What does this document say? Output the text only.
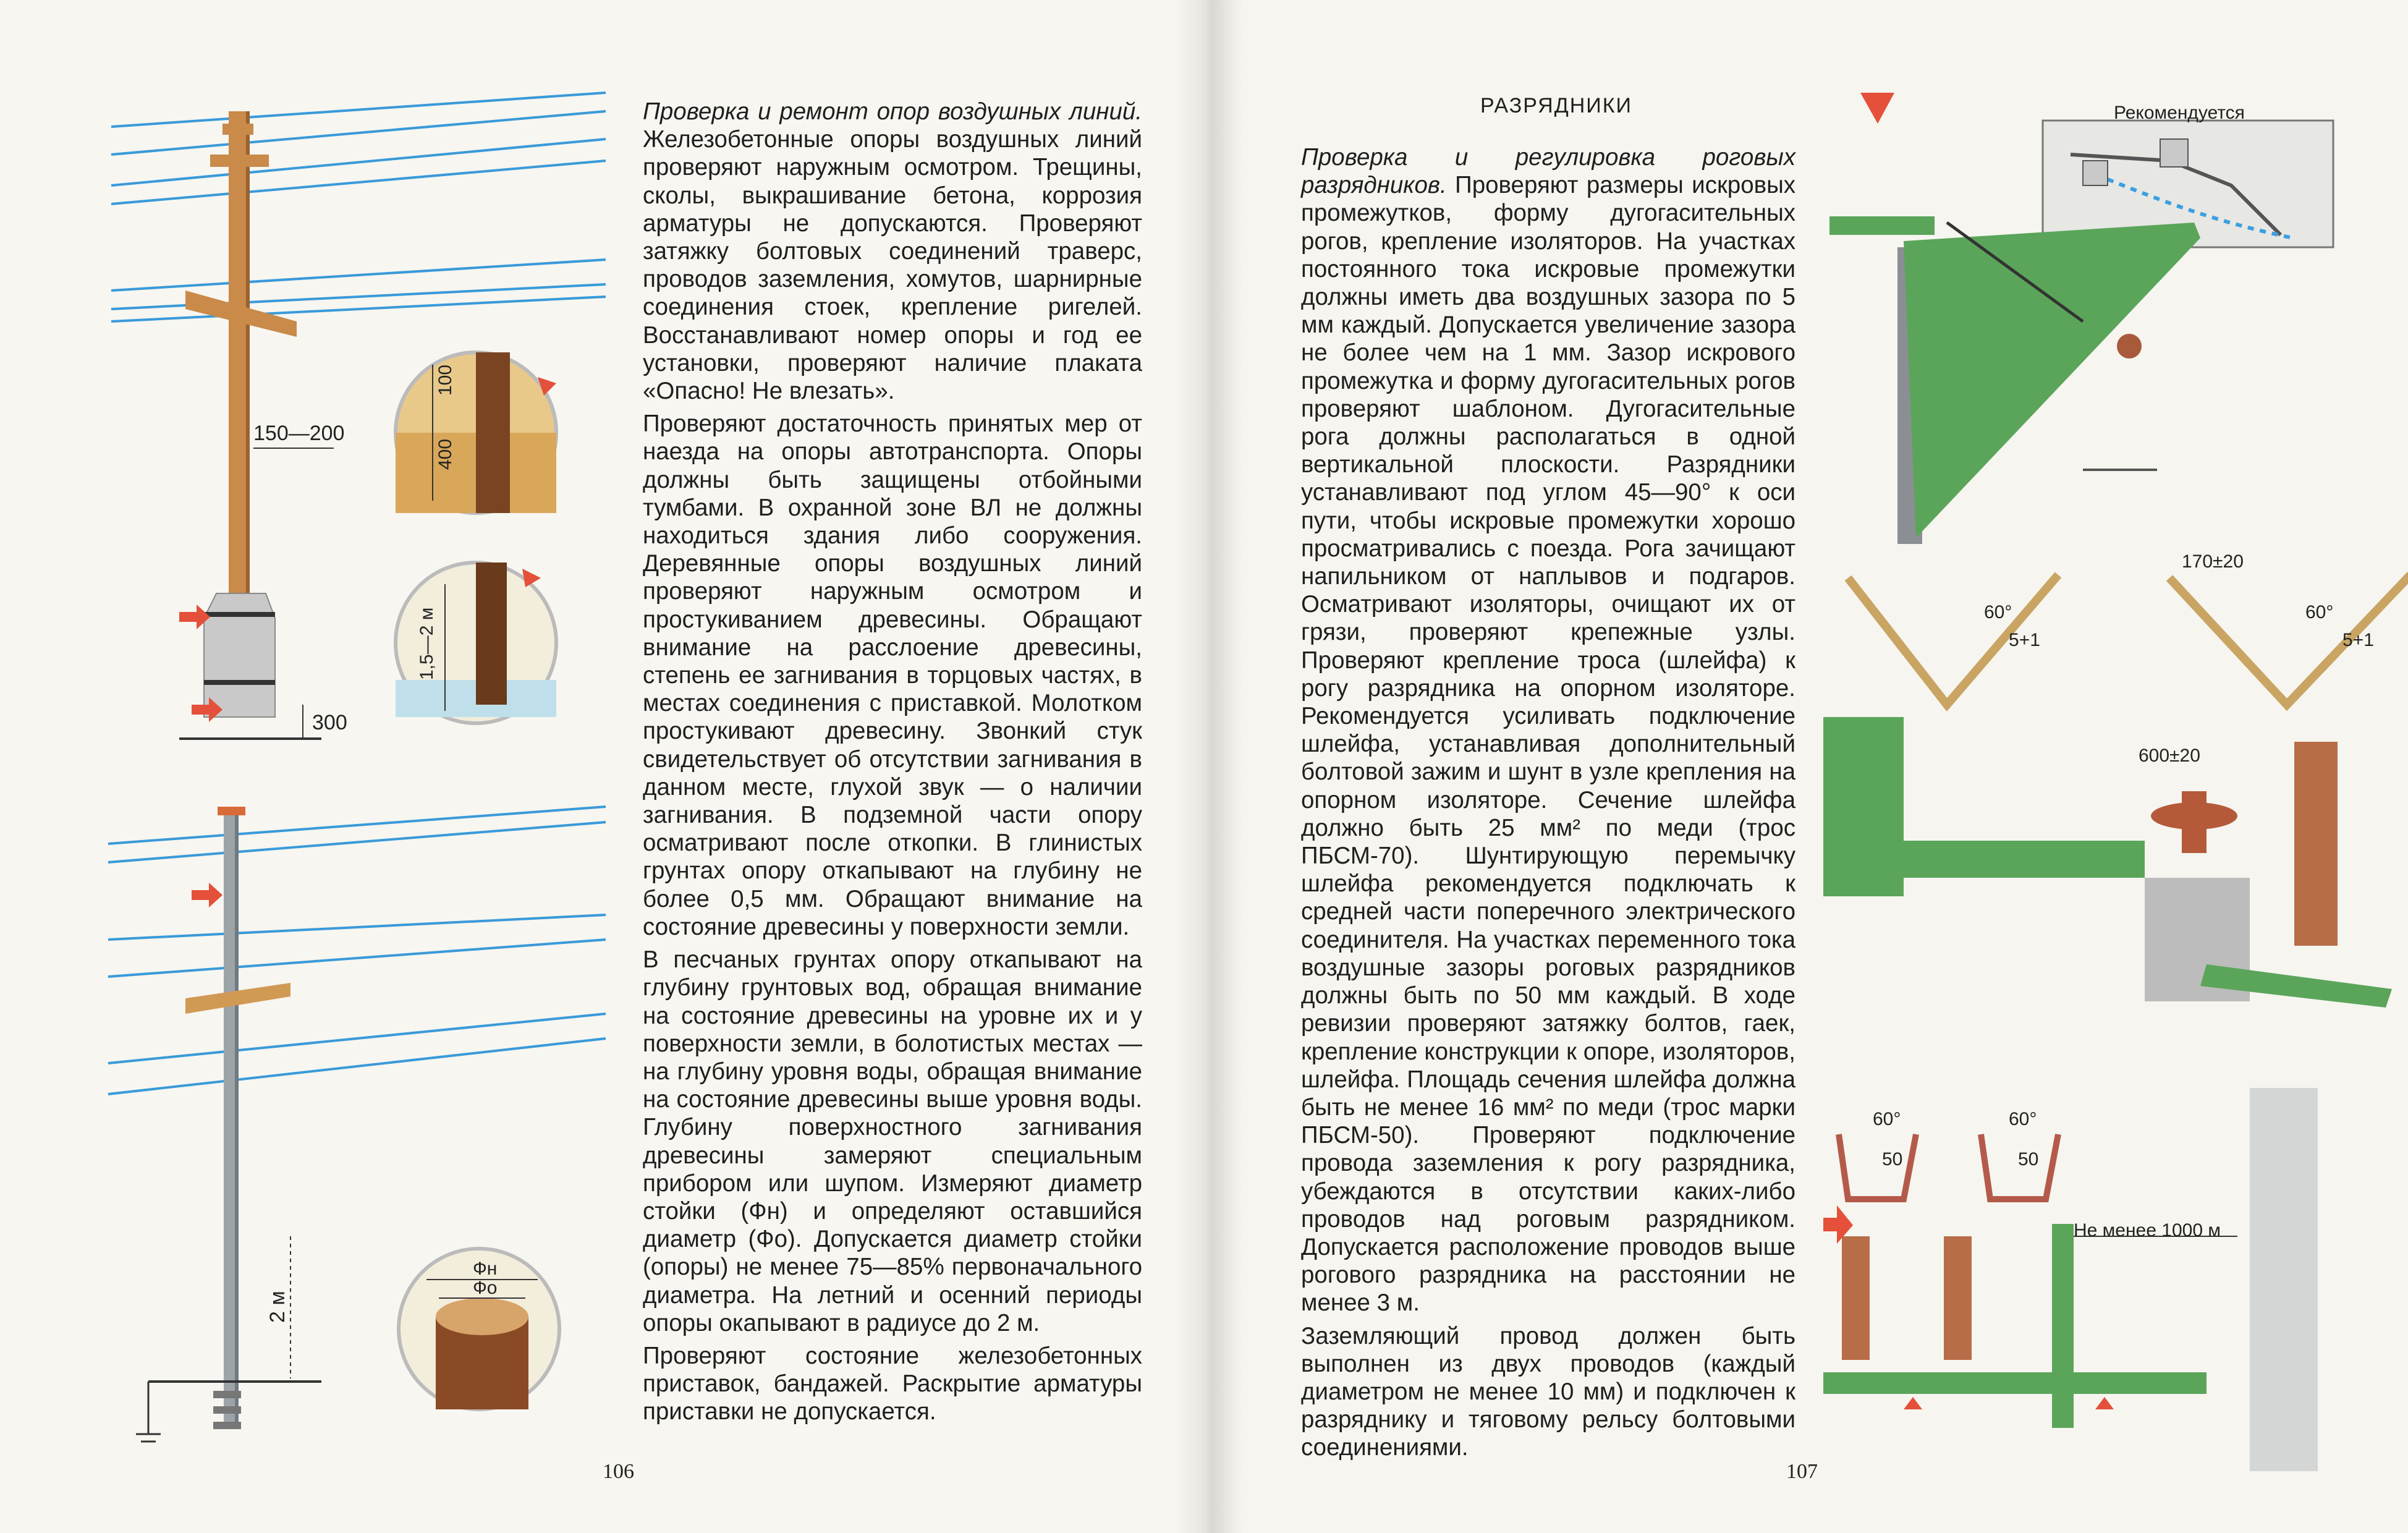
150—200
300
100
400
1,5—2 м
2 м
Фн
Фо

Проверка и ремонт опор воздушных линий. Железобетонные опоры воздушных линий проверяют наружным осмотром. Трещины, сколы, выкрашивание бетона, коррозия арматуры не допускаются. Проверяют затяжку болтовых соединений траверс, проводов заземления, хомутов, шарнирные соединения стоек, крепление ригелей. Восстанавливают номер опоры и год ее установки, проверяют наличие плаката «Опасно! Не влезать».

Проверяют достаточность принятых мер от наезда на опоры автотранспорта. Опоры должны быть защищены отбойными тумбами. В охранной зоне ВЛ не должны находиться здания либо сооружения. Деревянные опоры воздушных линий проверяют наружным осмотром и простукиванием древесины. Обращают внимание на расслоение древесины, степень ее загнивания в торцовых частях, в местах соединения с приставкой. Молотком простукивают древесину. Звонкий стук свидетельствует об отсутствии загнивания в данном месте, глухой звук — о наличии загнивания. В подземной части опору осматривают после откопки. В глинистых грунтах опору откапывают на глубину не более 0,5 мм. Обращают внимание на состояние древесины у поверхности земли.

В песчаных грунтах опору откапывают на глубину грунтовых вод, обращая внимание на состояние древесины на уровне их и у поверхности земли, в болотистых местах — на глубину уровня воды, обращая внимание на состояние древесины выше уровня воды. Глубину поверхностного загнивания древесины замеряют специальным прибором или шупом. Измеряют диаметр стойки (Фн) и определяют оставшийся диаметр (Фо). Допускается диаметр стойки (опоры) не менее 75—85% первоначального диаметра. На летний и осенний периоды опоры окапывают в радиусе до 2 м.

Проверяют состояние железобетонных приставок, бандажей. Раскрытие арматуры приставки не допускается.

106
РАЗРЯДНИКИ

Проверка и регулировка роговых разрядников. Проверяют размеры искровых промежутков, форму дугогасительных рогов, крепление изоляторов. На участках постоянного тока искровые промежутки должны иметь два воздушных зазора по 5 мм каждый. Допускается увеличение зазора не более чем на 1 мм. Зазор искрового промежутка и форму дугогасительных рогов проверяют шаблоном. Дугогасительные рога должны располагаться в одной вертикальной плоскости. Разрядники устанавливают под углом 45—90° к оси пути, чтобы искровые промежутки хорошо просматривались с поезда. Рога зачищают напильником от наплывов и подгаров. Осматривают изоляторы, очищают их от грязи, проверяют крепежные узлы. Проверяют крепление троса (шлейфа) к рогу разрядника на опорном изоляторе. Рекомендуется усиливать подключение шлейфа, устанавливая дополнительный болтовой зажим и шунт в узле крепления на опорном изоляторе. Сечение шлейфа должно быть 25 мм² по меди (трос ПБСМ-70). Шунтирующую перемычку шлейфа рекомендуется подключать к средней части поперечного электрического соединителя. На участках переменного тока воздушные зазоры роговых разрядников должны быть по 50 мм каждый. В ходе ревизии проверяют затяжку болтов, гаек, крепление конструкции к опоре, изоляторов, шлейфа. Площадь сечения шлейфа должна быть не менее 16 мм² по меди (трос марки ПБСМ-50). Проверяют подключение провода заземления к рогу разрядника, убеждаются в отсутствии каких-либо проводов над роговым разрядником. Допускается расположение проводов выше рогового разрядника на расстоянии не менее 3 м.

Заземляющий провод должен быть выполнен из двух проводов (каждый диаметром не менее 10 мм) и подключен к разряднику и тяговому рельсу болтовыми соединениями.

107
Рекомендуется
170±20
60°	60°
5+1	5+1
600±20
60°	60°
50	50
Не менее 1000 м
